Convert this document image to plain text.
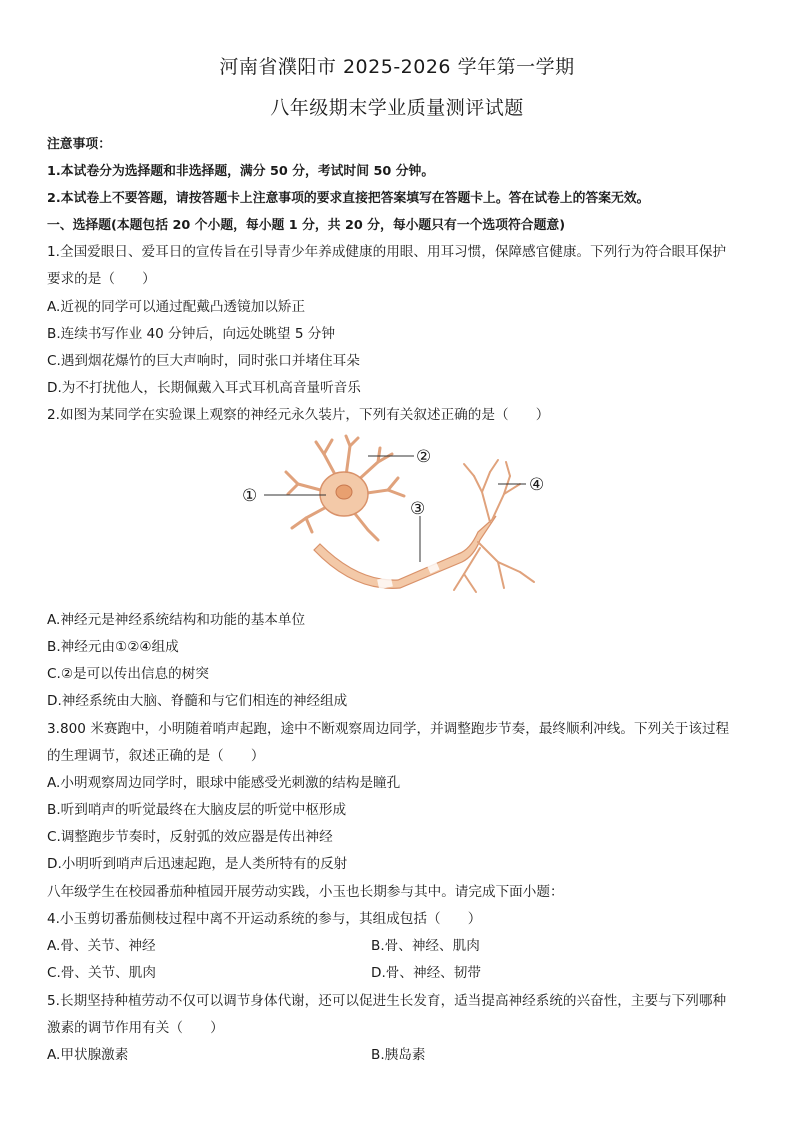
河南省濮阳市 2025-2026 学年第一学期
八年级期末学业质量测评试题
注意事项：
1.本试卷分为选择题和非选择题，满分 50 分，考试时间 50 分钟。
2.本试卷上不要答题，请按答题卡上注意事项的要求直接把答案填写在答题卡上。答在试卷上的答案无效。
一、选择题(本题包括 20 个小题，每小题 1 分，共 20 分，每小题只有一个选项符合题意)
1.全国爱眼日、爱耳日的宣传旨在引导青少年养成健康的用眼、用耳习惯，保障感官健康。下列行为符合眼耳保护
要求的是（　　）
A.近视的同学可以通过配戴凸透镜加以矫正
B.连续书写作业 40 分钟后，向远处眺望 5 分钟
C.遇到烟花爆竹的巨大声响时，同时张口并堵住耳朵
D.为不打扰他人，长期佩戴入耳式耳机高音量听音乐
2.如图为某同学在实验课上观察的神经元永久装片，下列有关叙述正确的是（　　）
①
②
③
④
A.神经元是神经系统结构和功能的基本单位
B.神经元由①②④组成
C.②是可以传出信息的树突
D.神经系统由大脑、脊髓和与它们相连的神经组成
3.800 米赛跑中，小明随着哨声起跑，途中不断观察周边同学，并调整跑步节奏，最终顺利冲线。下列关于该过程
的生理调节，叙述正确的是（　　）
A.小明观察周边同学时，眼球中能感受光刺激的结构是瞳孔
B.听到哨声的听觉最终在大脑皮层的听觉中枢形成
C.调整跑步节奏时，反射弧的效应器是传出神经
D.小明听到哨声后迅速起跑，是人类所特有的反射
八年级学生在校园番茄种植园开展劳动实践，小玉也长期参与其中。请完成下面小题：
4.小玉剪切番茄侧枝过程中离不开运动系统的参与，其组成包括（　　）
A.骨、关节、神经	B.骨、神经、肌肉
C.骨、关节、肌肉	D.骨、神经、韧带
5.长期坚持种植劳动不仅可以调节身体代谢，还可以促进生长发育，适当提高神经系统的兴奋性，主要与下列哪种
激素的调节作用有关（　　）
A.甲状腺激素	B.胰岛素
